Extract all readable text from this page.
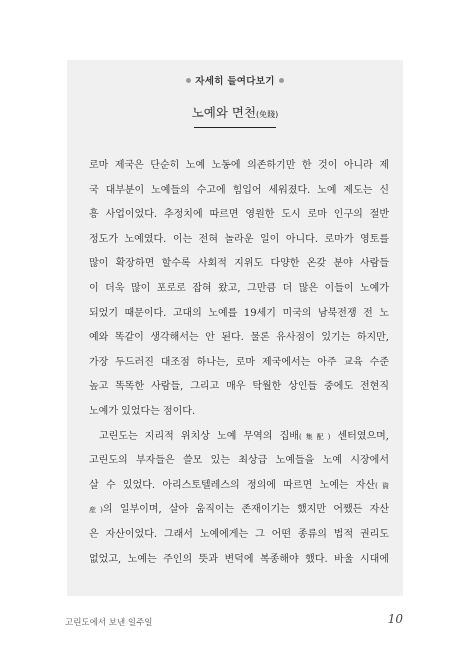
자세히 들여다보기
노예와 면천(免賤)
로마 제국은 단순히 노예 노동에 의존하기만 한 것이 아니라 제
국 대부분이 노예들의 수고에 힘입어 세워졌다. 노예 제도는 신
흥 사업이었다. 추정치에 따르면 영원한 도시 로마 인구의 절반
정도가 노예였다. 이는 전혀 놀라운 일이 아니다. 로마가 영토를
많이 확장하면 할수록 사회적 지위도 다양한 온갖 분야 사람들
이 더욱 많이 포로로 잡혀 왔고, 그만큼 더 많은 이들이 노예가
되었기 때문이다. 고대의 노예를 19세기 미국의 남북전쟁 전 노
예와 똑같이 생각해서는 안 된다. 물론 유사점이 있기는 하지만,
가장 두드러진 대조점 하나는, 로마 제국에서는 아주 교육 수준
높고 똑똑한 사람들, 그리고 매우 탁월한 상인들 중에도 전현직
노예가 있었다는 점이다.
고린도는 지리적 위치상 노예 무역의 집배(集配) 센터였으며,
고린도의 부자들은 쓸모 있는 최상급 노예들을 노예 시장에서
살 수 있었다. 아리스토텔레스의 정의에 따르면 노예는 자산(資
産)의 일부이며, 살아 움직이는 존재이기는 했지만 어쨌든 자산
은 자산이었다. 그래서 노예에게는 그 어떤 종류의 법적 권리도
없었고, 노예는 주인의 뜻과 변덕에 복종해야 했다. 바울 시대에
고린도에서 보낸 일주일	10
